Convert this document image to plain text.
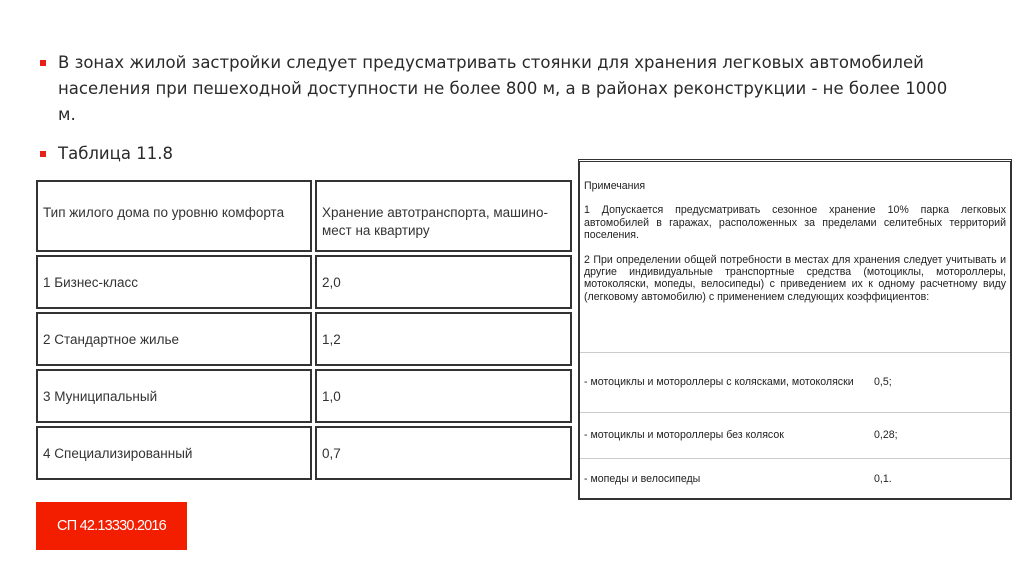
В зонах жилой застройки следует предусматривать стоянки для хранения легковых автомобилей населения при пешеходной доступности не более 800 м, а в районах реконструкции - не более 1000 м.
Таблица 11.8
Тип жилого дома по уровню комфорта	Хранение автотранспорта, машино-мест на квартиру
1 Бизнес-класс	2,0
2 Стандартное жилье	1,2
3 Муниципальный	1,0
4 Специализированный	0,7
СП 42.13330.2016

Примечания

1 Допускается предусматривать сезонное хранение 10% парка легковых автомобилей в гаражах, расположенных за пределами селитебных территорий поселения.

2 При определении общей потребности в местах для хранения следует учитывать и другие индивидуальные транспортные средства (мотоциклы, мотороллеры, мотоколяски, мопеды, велосипеды) с приведением их к одному расчетному виду (легковому автомобилю) с применением следующих коэффициентов:

- мотоциклы и мотороллеры с колясками, мотоколяски	0,5;
- мотоциклы и мотороллеры без колясок	0,28;
- мопеды и велосипеды	0,1.
